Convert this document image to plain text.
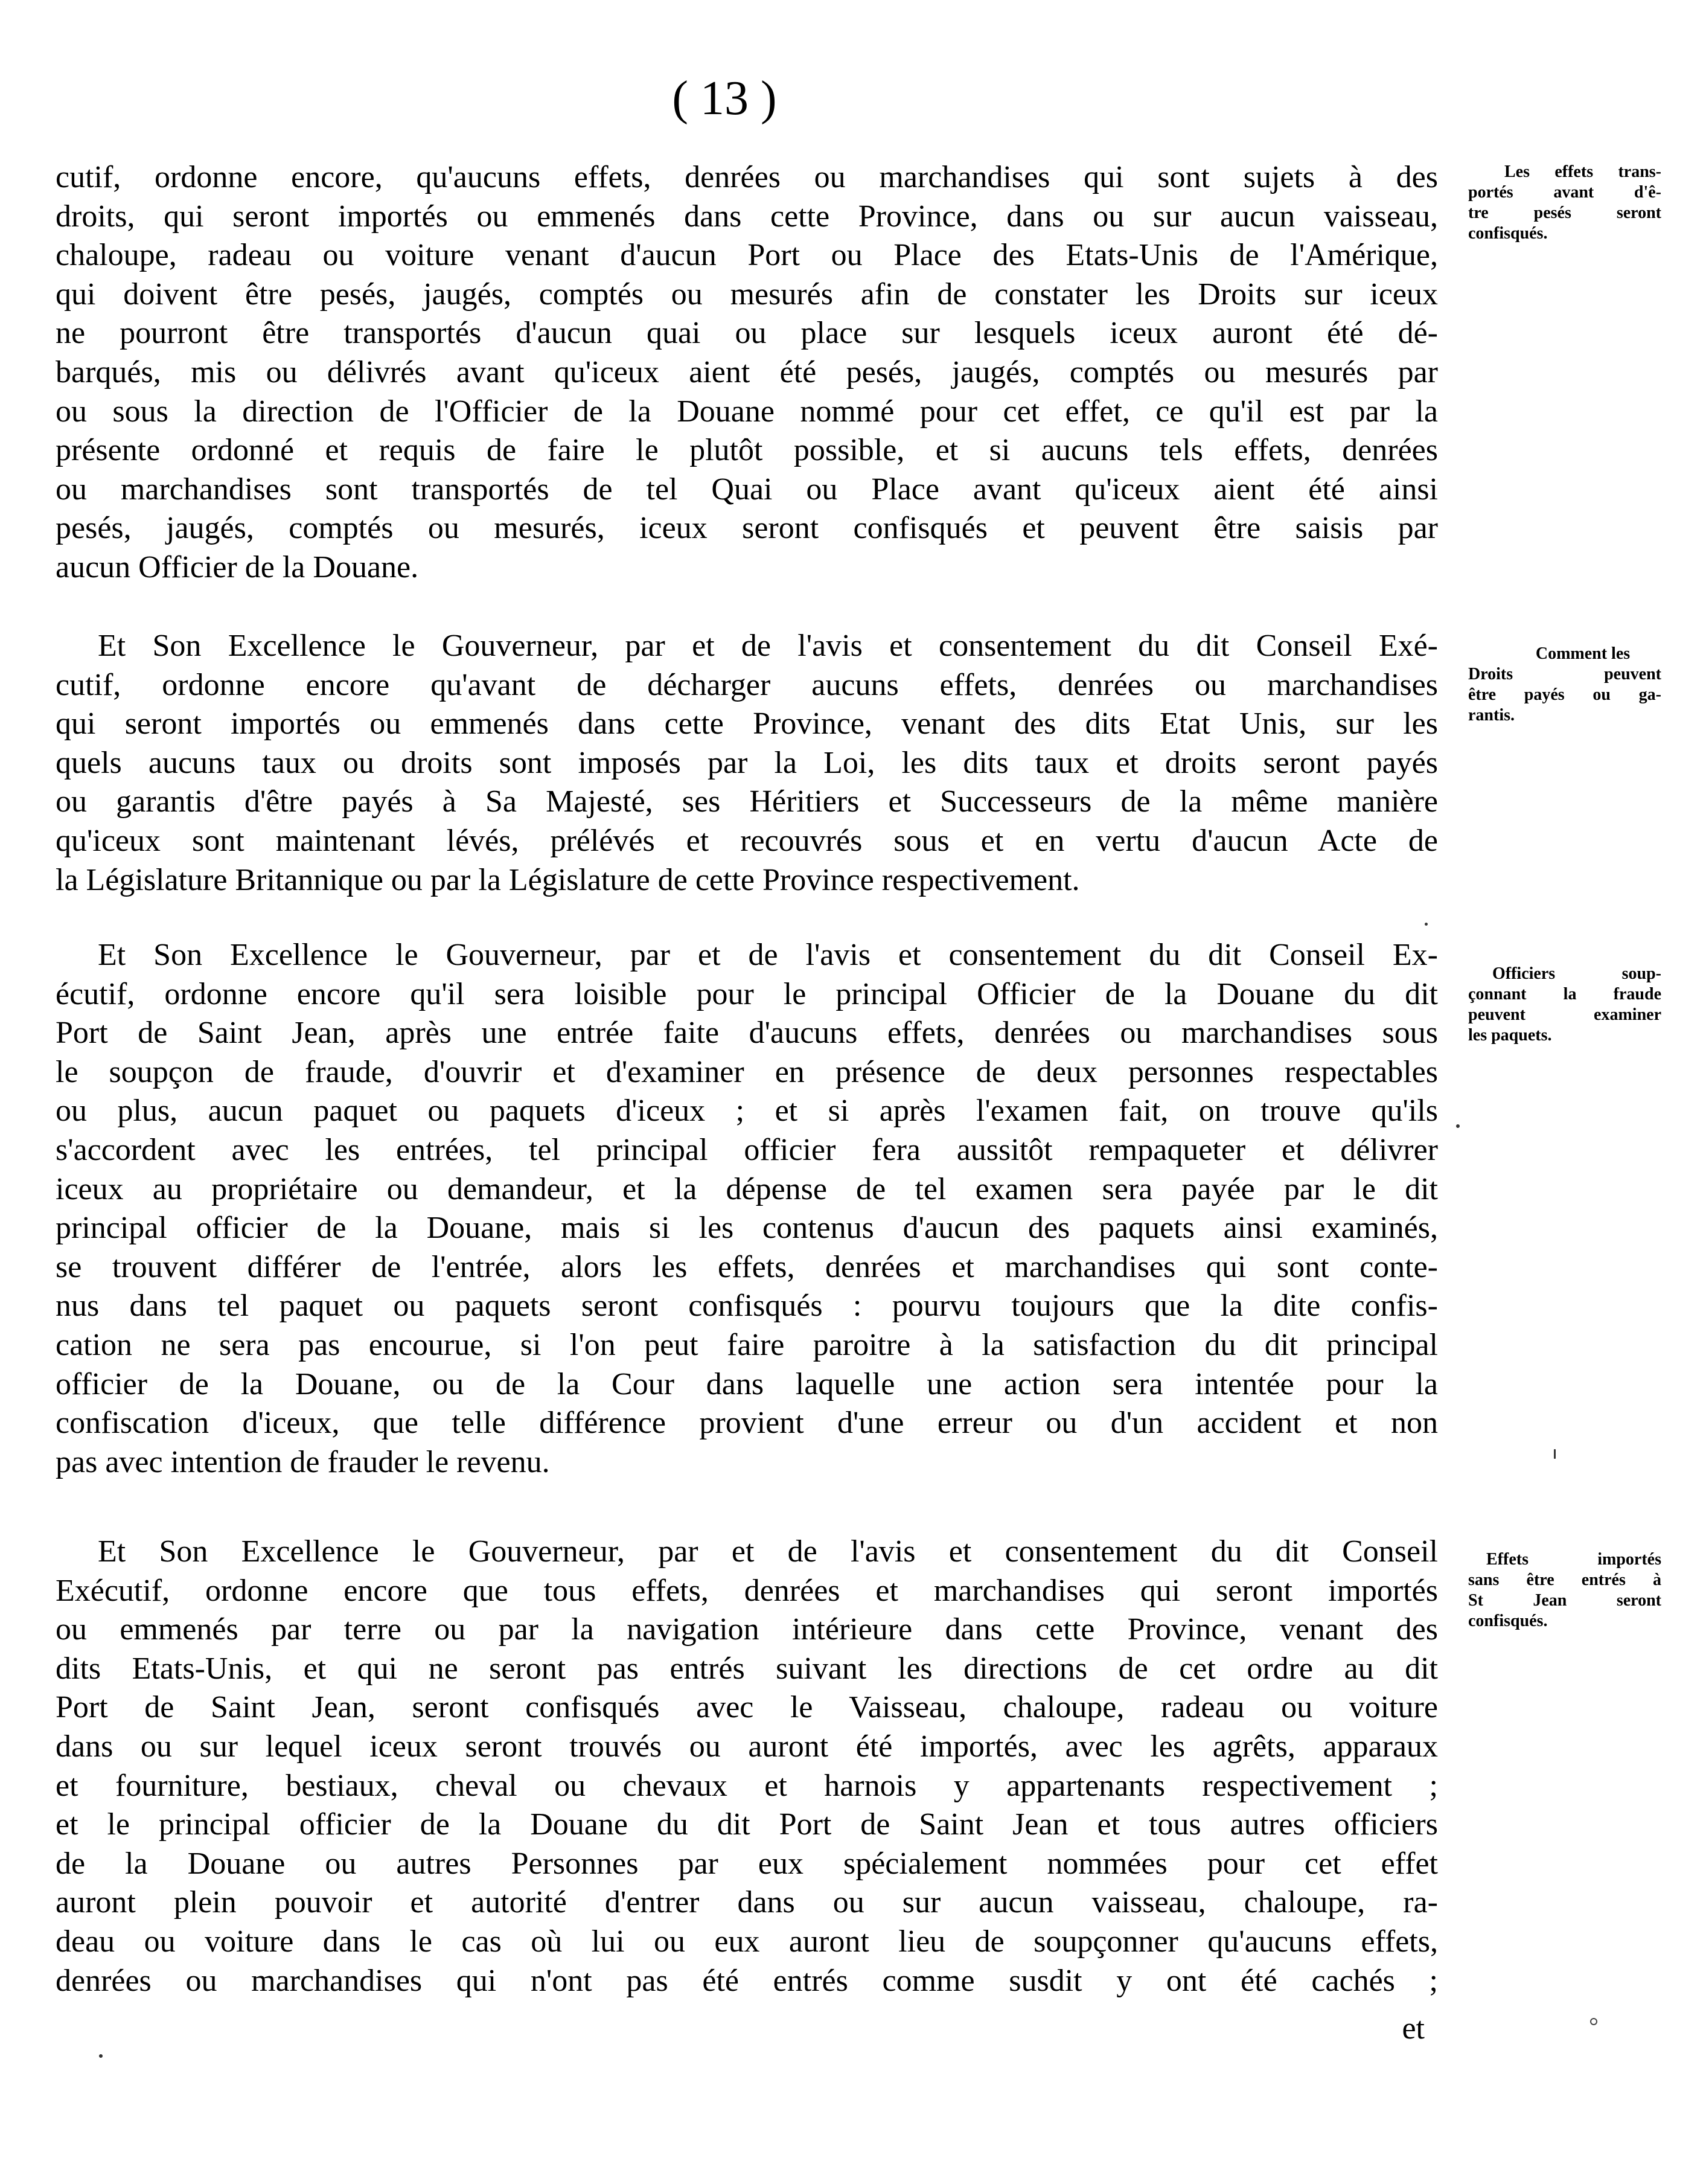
( 13 )
cutif, ordonne encore, qu'aucuns effets, denrées ou marchandises qui sont sujets à des
droits, qui seront importés ou emmenés dans cette Province, dans ou sur aucun vaisseau,
chaloupe, radeau ou voiture venant d'aucun Port ou Place des Etats-Unis de l'Amérique,
qui doivent être pesés, jaugés, comptés ou mesurés afin de constater les Droits sur iceux
ne pourront être transportés d'aucun quai ou place sur lesquels iceux auront été dé-
barqués, mis ou délivrés avant qu'iceux aient été pesés, jaugés, comptés ou mesurés par
ou sous la direction de l'Officier de la Douane nommé pour cet effet, ce qu'il est par la
présente ordonné et requis de faire le plutôt possible, et si aucuns tels effets, denrées
ou marchandises sont transportés de tel Quai ou Place avant qu'iceux aient été ainsi
pesés, jaugés, comptés ou mesurés, iceux seront confisqués et peuvent être saisis par
aucun Officier de la Douane.
Et Son Excellence le Gouverneur, par et de l'avis et consentement du dit Conseil Exé-
cutif, ordonne encore qu'avant de décharger aucuns effets, denrées ou marchandises
qui seront importés ou emmenés dans cette Province, venant des dits Etat Unis, sur les
quels aucuns taux ou droits sont imposés par la Loi, les dits taux et droits seront payés
ou garantis d'être payés à Sa Majesté, ses Héritiers et Successeurs de la même manière
qu'iceux sont maintenant lévés, prélévés et recouvrés sous et en vertu d'aucun Acte de
la Législature Britannique ou par la Législature de cette Province respectivement.
Et Son Excellence le Gouverneur, par et de l'avis et consentement du dit Conseil Ex-
écutif, ordonne encore qu'il sera loisible pour le principal Officier de la Douane du dit
Port de Saint Jean, après une entrée faite d'aucuns effets, denrées ou marchandises sous
le soupçon de fraude, d'ouvrir et d'examiner en présence de deux personnes respectables
ou plus, aucun paquet ou paquets d'iceux ; et si après l'examen fait, on trouve qu'ils
s'accordent avec les entrées, tel principal officier fera aussitôt rempaqueter et délivrer
iceux au propriétaire ou demandeur, et la dépense de tel examen sera payée par le dit
principal officier de la Douane, mais si les contenus d'aucun des paquets ainsi examinés,
se trouvent différer de l'entrée, alors les effets, denrées et marchandises qui sont conte-
nus dans tel paquet ou paquets seront confisqués : pourvu toujours que la dite confis-
cation ne sera pas encourue, si l'on peut faire paroitre à la satisfaction du dit principal
officier de la Douane, ou de la Cour dans laquelle une action sera intentée pour la
confiscation d'iceux, que telle différence provient d'une erreur ou d'un accident et non
pas avec intention de frauder le revenu.
Et Son Excellence le Gouverneur, par et de l'avis et consentement du dit Conseil
Exécutif, ordonne encore que tous effets, denrées et marchandises qui seront importés
ou emmenés par terre ou par la navigation intérieure dans cette Province, venant des
dits Etats-Unis, et qui ne seront pas entrés suivant les directions de cet ordre au dit
Port de Saint Jean, seront confisqués avec le Vaisseau, chaloupe, radeau ou voiture
dans ou sur lequel iceux seront trouvés ou auront été importés, avec les agrêts, apparaux
et fourniture, bestiaux, cheval ou chevaux et harnois y appartenants respectivement ;
et le principal officier de la Douane du dit Port de Saint Jean et tous autres officiers
de la Douane ou autres Personnes par eux spécialement nommées pour cet effet
auront plein pouvoir et autorité d'entrer dans ou sur aucun vaisseau, chaloupe, ra-
deau ou voiture dans le cas où lui ou eux auront lieu de soupçonner qu'aucuns effets,
denrées ou marchandises qui n'ont pas été entrés comme susdit y ont été cachés ;
Les effets trans-
portés avant d'ê-
tre pesés seront
confisqués.
Comment les
Droits peuvent
être payés ou ga-
rantis.
Officiers soup-
çonnant la fraude
peuvent examiner
les paquets.
Effets importés
sans être entrés à
St Jean seront
confisqués.
et
